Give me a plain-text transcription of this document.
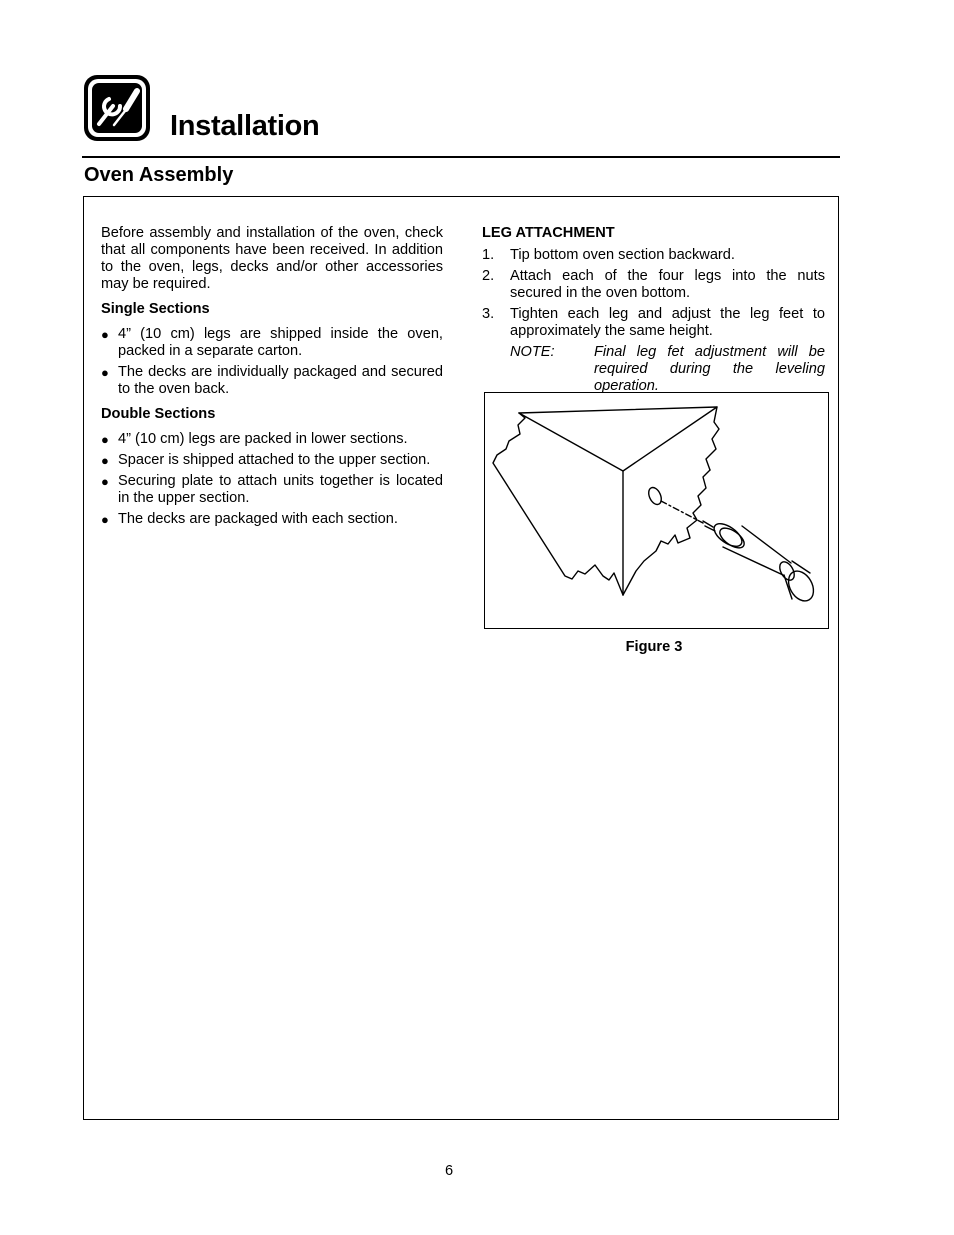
Installation
Oven Assembly

Before assembly and installation of the oven, check that all components have been received. In addition to the oven, legs, decks and/or other accessories may be required.

Single Sections

● 4” (10 cm) legs are shipped inside the oven, packed in a separate carton.
● The decks are individually packaged and secured to the oven back.

Double Sections

● 4” (10 cm) legs are packed in lower sections.
● Spacer is shipped attached to the upper section.
● Securing plate to attach units together is located in the upper section.
● The decks are packaged with each section.

LEG ATTACHMENT

1. Tip bottom oven section backward.
2. Attach each of the four legs into the nuts secured in the oven bottom.
3. Tighten each leg and adjust the leg feet to approximately the same height.

NOTE:	Final leg fet adjustment will be required during the leveling operation.

Figure 3
6
